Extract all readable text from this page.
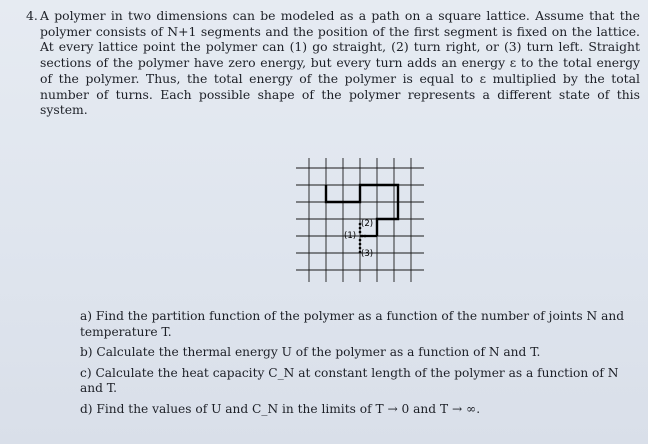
4. A polymer in two dimensions can be modeled as a path on a square lattice. Assume that the polymer consists of N+1 segments and the position of the first segment is fixed on the lattice. At every lattice point the polymer can (1) go straight, (2) turn right, or (3) turn left. Straight sections of the polymer have zero energy, but every turn adds an energy ε to the total energy of the polymer. Thus, the total energy of the polymer is equal to ε multiplied by the total number of turns. Each possible shape of the polymer represents a different state of this system.

(1)
(2)
(3)

a) Find the partition function of the polymer as a function of the number of joints N and temperature T.

b) Calculate the thermal energy U of the polymer as a function of N and T.

c) Calculate the heat capacity C_N at constant length of the polymer as a function of N and T.

d) Find the values of U and C_N in the limits of T → 0 and T → ∞.
